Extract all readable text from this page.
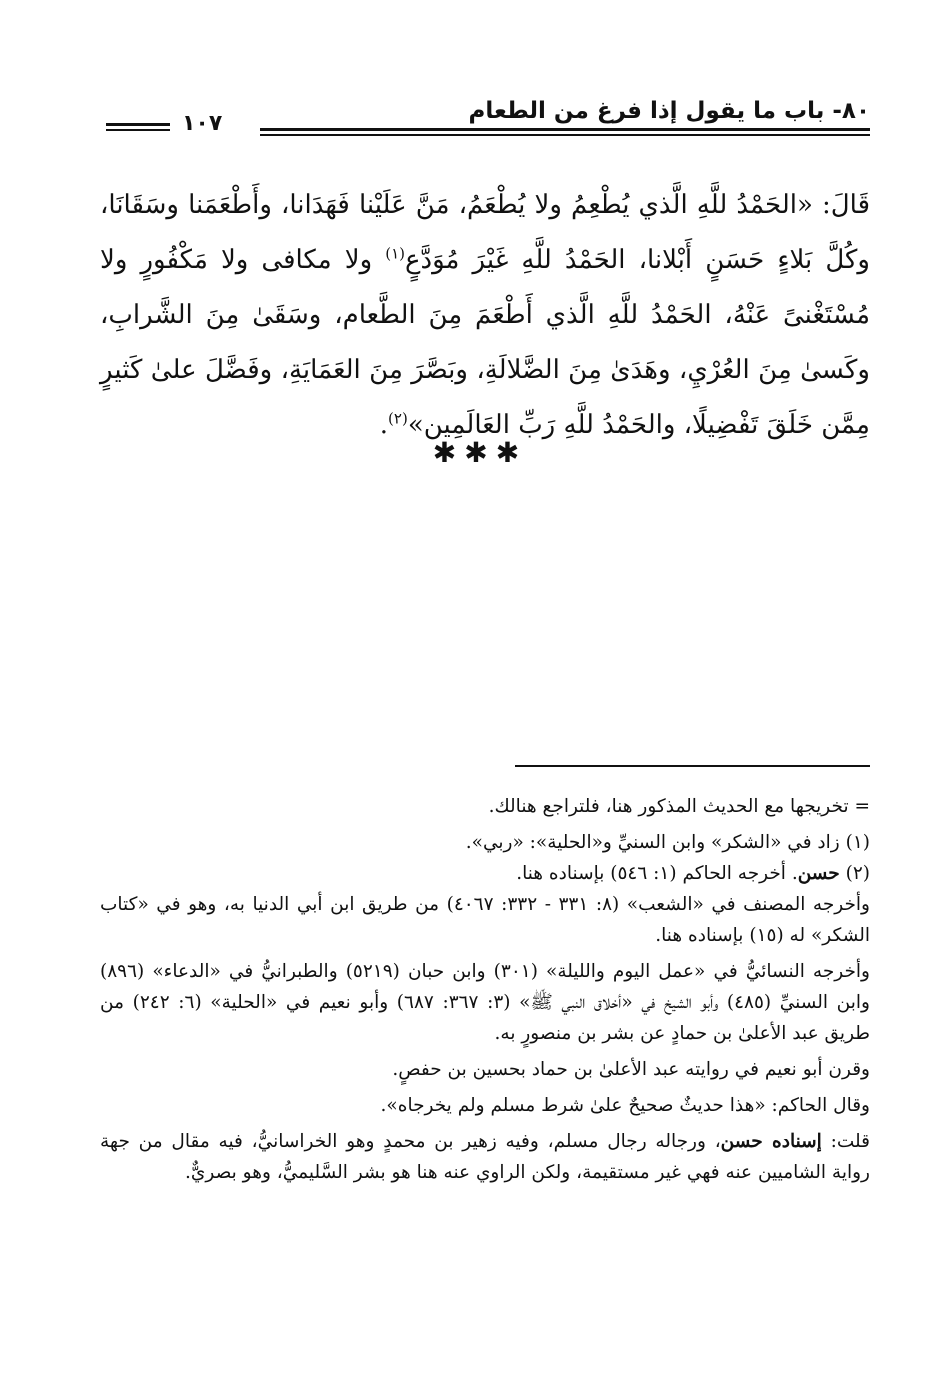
٨٠- باب ما يقول إذا فرغ من الطعام
١٠٧
قَالَ: «الحَمْدُ للَّهِ الَّذي يُطْعِمُ ولا يُطْعَمُ، مَنَّ عَلَيْنا فَهَدَانا، وأَطْعَمَنا وسَقَانَا، وكُلَّ بَلاءٍ حَسَنٍ أَبْلانا، الحَمْدُ للَّهِ غَيْرَ مُوَدَّعٍ$^{(١)}$ ولا مكافى ولا مَكْفُورٍ ولا مُسْتَغْنىً عَنْهُ، الحَمْدُ للَّهِ الَّذي أَطْعَمَ مِنَ الطَّعام، وسَقَىٰ مِنَ الشَّرابِ، وكَسىٰ مِنَ العُرْيِ، وهَدَىٰ مِنَ الضَّلالَةِ، وبَصَّرَ مِنَ العَمَايَةِ، وفَضَّلَ علىٰ كَثيرٍ مِمَّن خَلَقَ تَفْضِيلًا، والحَمْدُ للَّهِ رَبِّ العَالَمِين»$^{(٢)}$.
✱✱✱

= تخريجها مع الحديث المذكور هنا، فلتراجع هنالك.

(١) زاد في «الشكر» وابن السنيِّ و«الحلية»: «ربي».

(٢) حسن. أخرجه الحاكم (١: ٥٤٦) بإسناده هنا.

وأخرجه المصنف في «الشعب» (٨: ٣٣١ - ٣٣٢: ٤٠٦٧) من طريق ابن أبي الدنيا به، وهو في «كتاب الشكر» له (١٥) بإسناده هنا.

وأخرجه النسائيُّ في «عمل اليوم والليلة» (٣٠١) وابن حبان (٥٢١٩) والطبرانيُّ في «الدعاء» (٨٩٦) وابن السنيِّ (٤٨٥) وأبو الشيخ في «أخلاق النبي ﷺ» (٣: ٣٦٧: ٦٨٧) وأبو نعيم في «الحلية» (٦: ٢٤٢) من طريق عبد الأعلىٰ بن حمادٍ عن بشر بن منصورٍ به.

وقرن أبو نعيم في روايته عبد الأعلىٰ بن حماد بحسين بن حفصٍ.

وقال الحاكم: «هذا حديثٌ صحيحٌ علىٰ شرط مسلم ولم يخرجاه».

قلت: إسناده حسن، ورجاله رجال مسلم، وفيه زهير بن محمدٍ وهو الخراسانيُّ، فيه مقال من جهة رواية الشاميين عنه فهي غير مستقيمة، ولكن الراوي عنه هنا هو بشر السَّليميُّ، وهو بصريٌّ.
